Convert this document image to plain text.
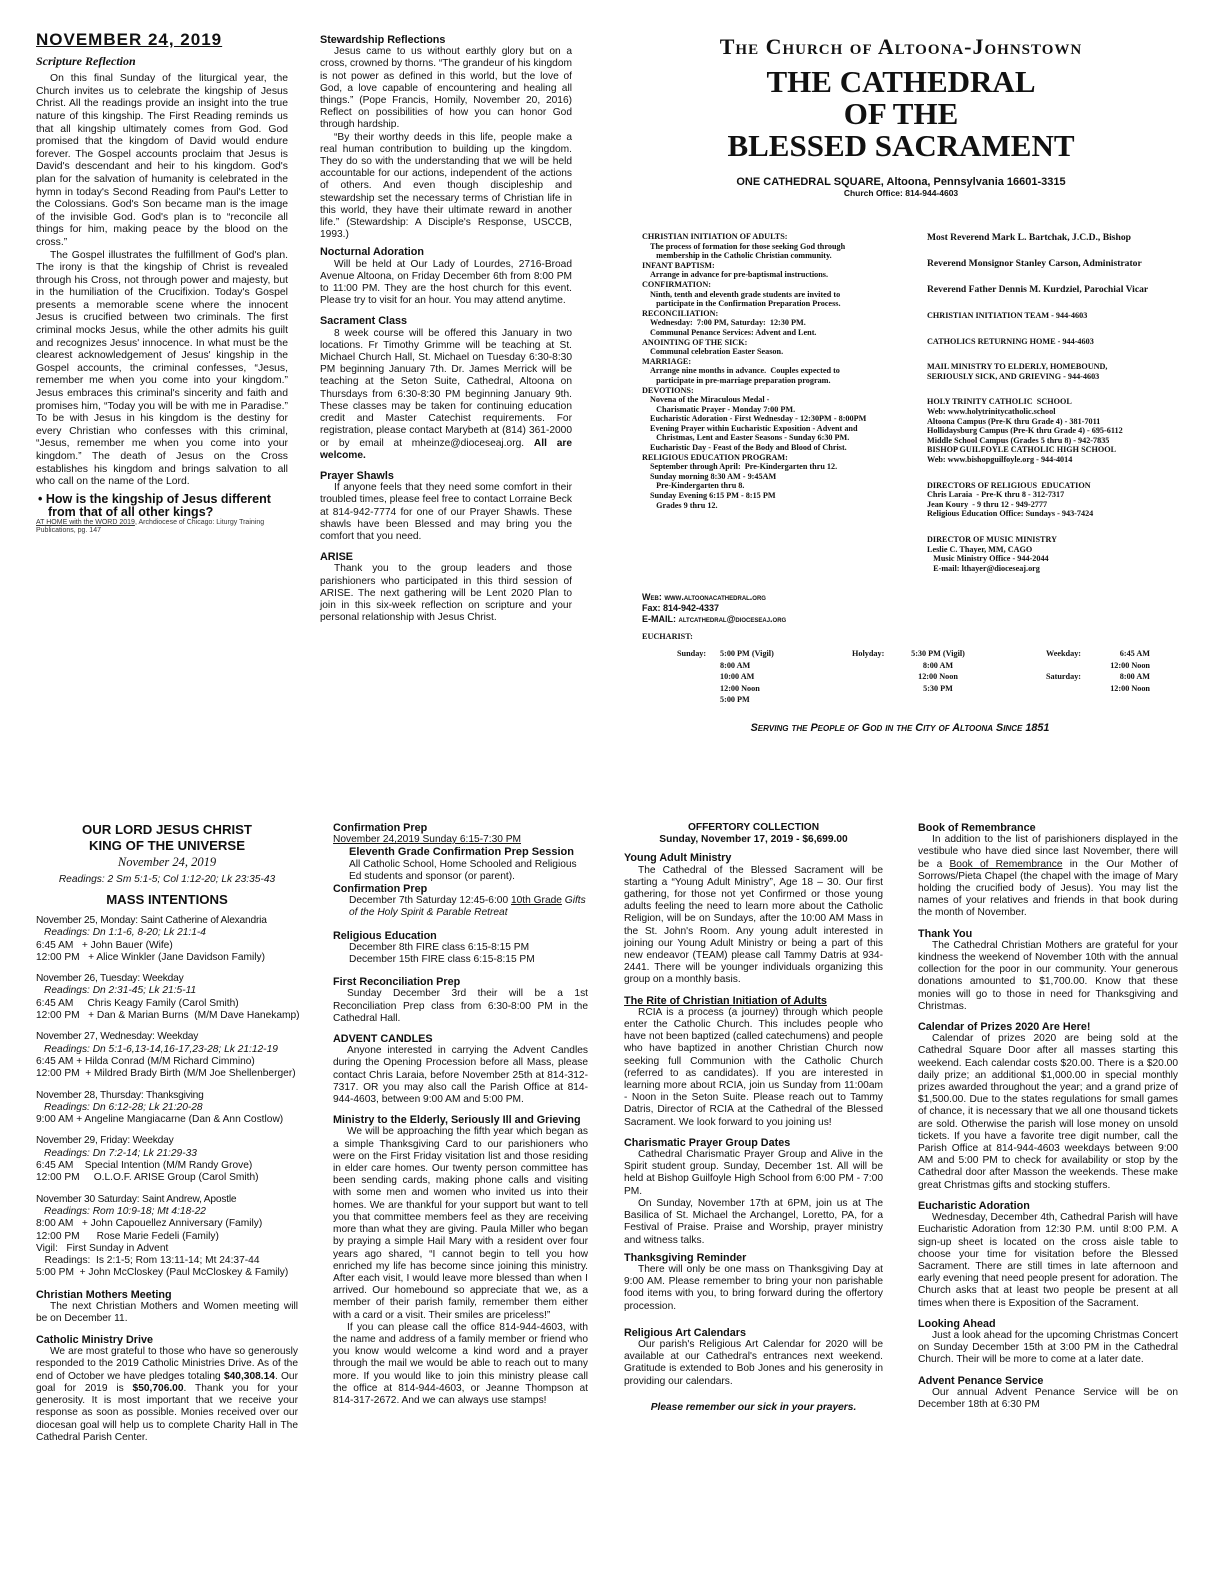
NOVEMBER 24, 2019
Scripture Reflection

On this final Sunday of the liturgical year, the Church invites us to celebrate the kingship of Jesus Christ. All the readings provide an insight into the true nature of this kingship. The First Reading reminds us that all kingship ultimately comes from God. God promised that the kingdom of David would endure forever. The Gospel accounts proclaim that Jesus is David's descendant and heir to his kingdom. God's plan for the salvation of humanity is celebrated in the hymn in today's Second Reading from Paul's Letter to the Colossians. God's Son became man is the image of the invisible God. God's plan is to “reconcile all things for him, making peace by the blood on the cross.”

The Gospel illustrates the fulfillment of God's plan. The irony is that the kingship of Christ is revealed through his Cross, not through power and majesty, but in the humiliation of the Crucifixion. Today's Gospel presents a memorable scene where the innocent Jesus is crucified between two criminals. The first criminal mocks Jesus, while the other admits his guilt and recognizes Jesus' innocence. In what must be the clearest acknowledgement of Jesus' kingship in the Gospel accounts, the criminal confesses, “Jesus, remember me when you come into your kingdom.” Jesus embraces this criminal's sincerity and faith and promises him, “Today you will be with me in Paradise.” To be with Jesus in his kingdom is the destiny for every Christian who confesses with this criminal, “Jesus, remember me when you come into your kingdom.” The death of Jesus on the Cross establishes his kingdom and brings salvation to all who call on the name of the Lord.

• How is the kingship of Jesus different from that of all other kings?
AT HOME with the WORD 2019, Archdiocese of Chicago: Liturgy Training Publications, pg. 147
Stewardship Reflections

Jesus came to us without earthly glory but on a cross, crowned by thorns. “The grandeur of his kingdom is not power as defined in this world, but the love of God, a love capable of encountering and healing all things.” (Pope Francis, Homily, November 20, 2016) Reflect on possibilities of how you can honor God through hardship.

“By their worthy deeds in this life, people make a real human contribution to building up the kingdom. They do so with the understanding that we will be held accountable for our actions, independent of the actions of others. And even though discipleship and stewardship set the necessary terms of Christian life in this world, they have their ultimate reward in another life.” (Stewardship: A Disciple's Response, USCCB, 1993.)

Nocturnal Adoration

Will be held at Our Lady of Lourdes, 2716-Broad Avenue Altoona, on Friday December 6th from 8:00 PM to 11:00 PM. They are the host church for this event. Please try to visit for an hour. You may attend anytime.

Sacrament Class

8 week course will be offered this January in two locations. Fr Timothy Grimme will be teaching at St. Michael Church Hall, St. Michael on Tuesday 6:30-8:30 PM beginning January 7th. Dr. James Merrick will be teaching at the Seton Suite, Cathedral, Altoona on Thursdays from 6:30-8:30 PM beginning January 9th. These classes may be taken for continuing education credit and Master Catechist requirements. For registration, please contact Marybeth at (814) 361-2000 or by email at mheinze@dioceseaj.org. All are welcome.

Prayer Shawls

If anyone feels that they need some comfort in their troubled times, please feel free to contact Lorraine Beck at 814-942-7774 for one of our Prayer Shawls. These shawls have been Blessed and may bring you the comfort that you need.

ARISE

Thank you to the group leaders and those parishioners who participated in this third session of ARISE. The next gathering will be Lent 2020 Plan to join in this six-week reflection on scripture and your personal relationship with Jesus Christ.

The Church of Altoona-Johnstown
THE CATHEDRAL
OF THE
BLESSED SACRAMENT
ONE CATHEDRAL SQUARE, Altoona, Pennsylvania 16601-3315
Church Office: 814-944-4603
CHRISTIAN INITIATION OF ADULTS:
The process of formation for those seeking God through
membership in the Catholic Christian community.
INFANT BAPTISM:
Arrange in advance for pre-baptismal instructions.
CONFIRMATION:
Ninth, tenth and eleventh grade students are invited to
participate in the Confirmation Preparation Process.
RECONCILIATION:
Wednesday:  7:00 PM, Saturday:  12:30 PM.
Communal Penance Services: Advent and Lent.
ANOINTING OF THE SICK:
Communal celebration Easter Season.
MARRIAGE:
Arrange nine months in advance.  Couples expected to
participate in pre-marriage preparation program.
DEVOTIONS:
Novena of the Miraculous Medal -
Charismatic Prayer - Monday 7:00 PM.
Eucharistic Adoration - First Wednesday - 12:30PM - 8:00PM
Evening Prayer within Eucharistic Exposition - Advent and
Christmas, Lent and Easter Seasons - Sunday 6:30 PM.
Eucharistic Day - Feast of the Body and Blood of Christ.
RELIGIOUS EDUCATION PROGRAM:
September through April:  Pre-Kindergarten thru 12.
Sunday morning 8:30 AM - 9:45AM
Pre-Kindergarten thru 8.
Sunday Evening 6:15 PM - 8:15 PM
Grades 9 thru 12.
Web: www.altoonacathedral.org
Fax: 814-942-4337
E-MAIL: altcathedral@dioceseaj.org
EUCHARIST:
Sunday: 5:00 PM (Vigil)
8:00 AM
10:00 AM
12:00 Noon
5:00 PM
Holyday:	5:30 PM (Vigil)
8:00 AM
12:00 Noon
5:30 PM
Weekday:	6:45 AM
12:00 Noon
Saturday:	8:00 AM
12:00 Noon
Most Reverend Mark L. Bartchak, J.C.D., Bishop
Reverend Monsignor Stanley Carson, Administrator
Reverend Father Dennis M. Kurdziel, Parochial Vicar
CHRISTIAN INITIATION TEAM - 944-4603
CATHOLICS RETURNING HOME - 944-4603
MAIL MINISTRY TO ELDERLY, HOMEBOUND,
SERIOUSLY SICK, AND GRIEVING - 944-4603
HOLY TRINITY CATHOLIC  SCHOOL
Web: www.holytrinitycatholic.school
Altoona Campus (Pre-K thru Grade 4) - 381-7011
Hollidaysburg Campus (Pre-K thru Grade 4) - 695-6112
Middle School Campus (Grades 5 thru 8) - 942-7835
BISHOP GUILFOYLE CATHOLIC HIGH SCHOOL
Web: www.bishopguilfoyle.org - 944-4014
DIRECTORS OF RELIGIOUS  EDUCATION
Chris Laraia  - Pre-K thru 8 - 312-7317
Jean Koury  - 9 thru 12 - 949-2777
Religious Education Office: Sundays - 943-7424
DIRECTOR OF MUSIC MINISTRY
Leslie C. Thayer, MM, CAGO
Music Ministry Office - 944-2044
E-mail: lthayer@dioceseaj.org
Serving the People of God in the City of Altoona Since 1851
OUR LORD JESUS CHRIST
KING OF THE UNIVERSE
November 24, 2019
Readings: 2 Sm 5:1-5; Col 1:12-20; Lk 23:35-43
MASS INTENTIONS
November 25, Monday: Saint Catherine of Alexandria
Readings: Dn 1:1-6, 8-20; Lk 21:1-4
6:45 AM   + John Bauer (Wife)
12:00 PM   + Alice Winkler (Jane Davidson Family)
November 26, Tuesday: Weekday
Readings: Dn 2:31-45; Lk 21:5-11
6:45 AM     Chris Keagy Family (Carol Smith)
12:00 PM   + Dan & Marian Burns  (M/M Dave Hanekamp)
November 27, Wednesday: Weekday
Readings: Dn 5:1-6,13-14,16-17,23-28; Lk 21:12-19
6:45 AM + Hilda Conrad (M/M Richard Cimmino)
12:00 PM  + Mildred Brady Birth (M/M Joe Shellenberger)
November 28, Thursday: Thanksgiving
Readings: Dn 6:12-28; Lk 21:20-28
9:00 AM + Angeline Mangiacarne (Dan & Ann Costlow)
November 29, Friday: Weekday
Readings: Dn 7:2-14; Lk 21:29-33
6:45 AM    Special Intention (M/M Randy Grove)
12:00 PM     O.L.O.F. ARISE Group (Carol Smith)
November 30 Saturday: Saint Andrew, Apostle
Readings: Rom 10:9-18; Mt 4:18-22
8:00 AM   + John Capouellez Anniversary (Family)
12:00 PM      Rose Marie Fedeli (Family)
Vigil:   First Sunday in Advent
Readings:  Is 2:1-5; Rom 13:11-14; Mt 24:37-44
5:00 PM  + John McCloskey (Paul McCloskey & Family)
Christian Mothers Meeting

The next Christian Mothers and Women meeting will be on December 11.

Catholic Ministry Drive

We are most grateful to those who have so generously responded to the 2019 Catholic Ministries Drive. As of the end of October we have pledges totaling $40,308.14. Our goal for 2019 is $50,706.00. Thank you for your generosity. It is most important that we receive your response as soon as possible. Monies received over our diocesan goal will help us to complete Charity Hall in The Cathedral Parish Center.

Confirmation Prep
November 24,2019 Sunday 6:15-7:30 PM
Eleventh Grade Confirmation Prep Session
All Catholic School, Home Schooled and Religious Ed students and sponsor (or parent).
Confirmation Prep
December 7th Saturday 12:45-6:00 10th Grade Gifts of the Holy Spirit & Parable Retreat
Religious Education
December 8th FIRE class 6:15-8:15 PM
December 15th FIRE class 6:15-8:15 PM
First Reconciliation Prep

Sunday December 3rd their will be a 1st Reconciliation Prep class from 6:30-8:00 PM in the Cathedral Hall.

ADVENT CANDLES

Anyone interested in carrying the Advent Candles during the Opening Procession before all Mass, please contact Chris Laraia, before November 25th at 814-312-7317. OR you may also call the Parish Office at 814-944-4603, between 9:00 AM and 5:00 PM.

Ministry to the Elderly, Seriously Ill and Grieving

We will be approaching the fifth year which began as a simple Thanksgiving Card to our parishioners who were on the First Friday visitation list and those residing in elder care homes. Our twenty person committee has been sending cards, making phone calls and visiting with some men and women who invited us into their homes. We are thankful for your support but want to tell you that committee members feel as they are receiving more than what they are giving. Paula Miller who began by praying a simple Hail Mary with a resident over four years ago shared, “I cannot begin to tell you how enriched my life has become since joining this ministry. After each visit, I would leave more blessed than when I arrived. Our homebound so appreciate that we, as a member of their parish family, remember them either with a card or a visit. Their smiles are priceless!”

If you can please call the office 814-944-4603, with the name and address of a family member or friend who you know would welcome a kind word and a prayer through the mail we would be able to reach out to many more. If you would like to join this ministry please call the office at 814-944-4603, or Jeanne Thompson at 814-317-2672. And we can always use stamps!

OFFERTORY COLLECTION
Sunday, November 17, 2019 - $6,699.00
Young Adult Ministry

The Cathedral of the Blessed Sacrament will be starting a “Young Adult Ministry”, Age 18 – 30. Our first gathering, for those not yet Confirmed or those young adults feeling the need to learn more about the Catholic Religion, will be on Sundays, after the 10:00 AM Mass in the St. John's Room. Any young adult interested in joining our Young Adult Ministry or being a part of this new endeavor (TEAM) please call Tammy Datris at 934-2441. There will be younger individuals organizing this group on a monthly basis.

The Rite of Christian Initiation of Adults

RCIA is a process (a journey) through which people enter the Catholic Church. This includes people who have not been baptized (called catechumens) and people who have baptized in another Christian Church now seeking full Communion with the Catholic Church (referred to as candidates). If you are interested in learning more about RCIA, join us Sunday from 11:00am - Noon in the Seton Suite. Please reach out to Tammy Datris, Director of RCIA at the Cathedral of the Blessed Sacrament. We look forward to you joining us!

Charismatic Prayer Group Dates

Cathedral Charismatic Prayer Group and Alive in the Spirit student group. Sunday, December 1st. All will be held at Bishop Guilfoyle High School from 6:00 PM - 7:00 PM.

On Sunday, November 17th at 6PM, join us at The Basilica of St. Michael the Archangel, Loretto, PA, for a Festival of Praise. Praise and Worship, prayer ministry and witness talks.

Thanksgiving Reminder

There will only be one mass on Thanksgiving Day at 9:00 AM. Please remember to bring your non parishable food items with you, to bring forward during the offertory procession.

Religious Art Calendars

Our parish's Religious Art Calendar for 2020 will be available at our Cathedral's entrances next weekend. Gratitude is extended to Bob Jones and his generosity in providing our calendars.

Please remember our sick in your prayers.
Book of Remembrance

In addition to the list of parishioners displayed in the vestibule who have died since last November, there will be a Book of Remembrance in the Our Mother of Sorrows/Pieta Chapel (the chapel with the image of Mary holding the crucified body of Jesus). You may list the names of your relatives and friends in that book during the month of November.

Thank You

The Cathedral Christian Mothers are grateful for your kindness the weekend of November 10th with the annual collection for the poor in our community. Your generous donations amounted to $1,700.00. Know that these monies will go to those in need for Thanksgiving and Christmas.

Calendar of Prizes 2020 Are Here!

Calendar of prizes 2020 are being sold at the Cathedral Square Door after all masses starting this weekend. Each calendar costs $20.00. There is a $20.00 daily prize; an additional $1,000.00 in special monthly prizes awarded throughout the year; and a grand prize of $1,500.00. Due to the states regulations for small games of chance, it is necessary that we all one thousand tickets are sold. Otherwise the parish will lose money on unsold tickets. If you have a favorite tree digit number, call the Parish Office at 814-944-4603 weekdays between 9:00 AM and 5:00 PM to check for availability or stop by the Cathedral door after Masson the weekends. These make great Christmas gifts and stocking stuffers.

Eucharistic Adoration

Wednesday, December 4th, Cathedral Parish will have Eucharistic Adoration from 12:30 P.M. until 8:00 P.M. A sign-up sheet is located on the cross aisle table to choose your time for visitation before the Blessed Sacrament. There are still times in late afternoon and early evening that need people present for adoration. The Church asks that at least two people be present at all times when there is Exposition of the Sacrament.

Looking Ahead

Just a look ahead for the upcoming Christmas Concert on Sunday December 15th at 3:00 PM in the Cathedral Church. Their will be more to come at a later date.

Advent Penance Service

Our annual Advent Penance Service will be on December 18th at 6:30 PM
